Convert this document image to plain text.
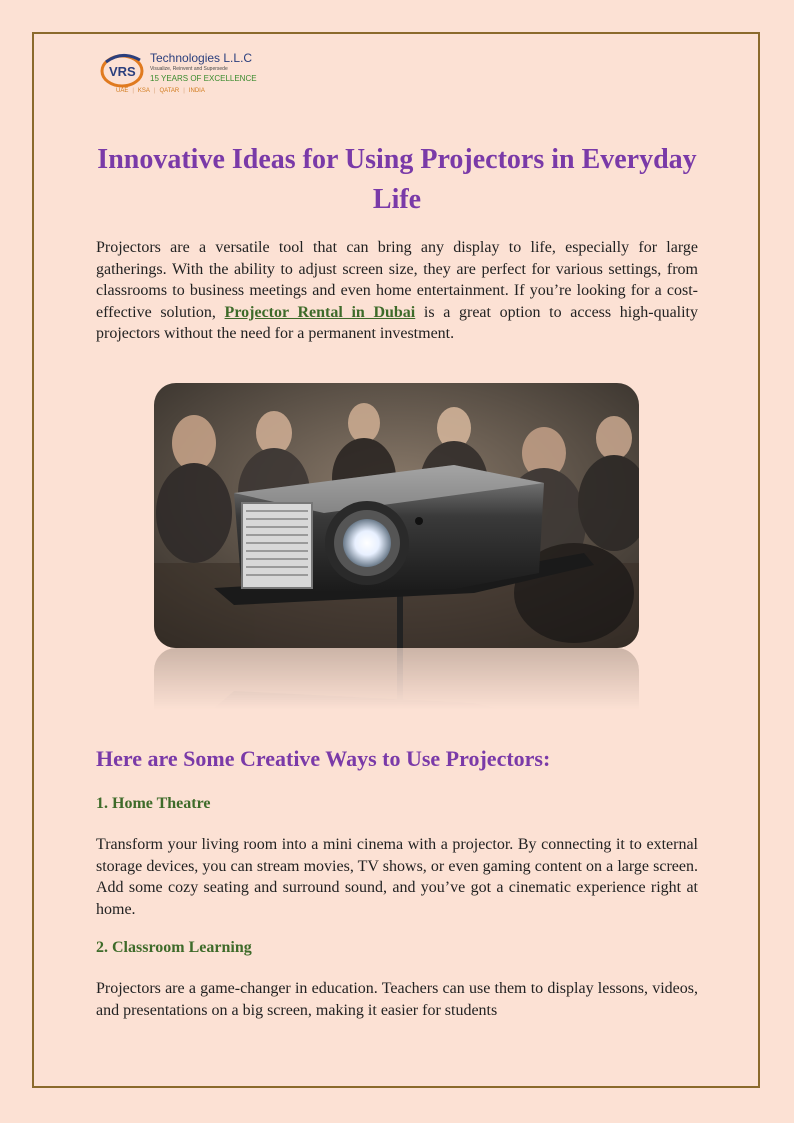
VRS
Technologies L.L.C
Visualize, Reinvent and Supersede
15 YEARS OF EXCELLENCE
UAE | KSA | QATAR | INDIA
Innovative Ideas for Using Projectors in Everyday Life

Projectors are a versatile tool that can bring any display to life, especially for large gatherings. With the ability to adjust screen size, they are perfect for various settings, from classrooms to business meetings and even home entertainment. If you’re looking for a cost-effective solution, Projector Rental in Dubai is a great option to access high-quality projectors without the need for a permanent investment.

Here are Some Creative Ways to Use Projectors:
1. Home Theatre

Transform your living room into a mini cinema with a projector. By connecting it to external storage devices, you can stream movies, TV shows, or even gaming content on a large screen. Add some cozy seating and surround sound, and you’ve got a cinematic experience right at home.

2. Classroom Learning

Projectors are a game-changer in education. Teachers can use them to display lessons, videos, and presentations on a big screen, making it easier for students
